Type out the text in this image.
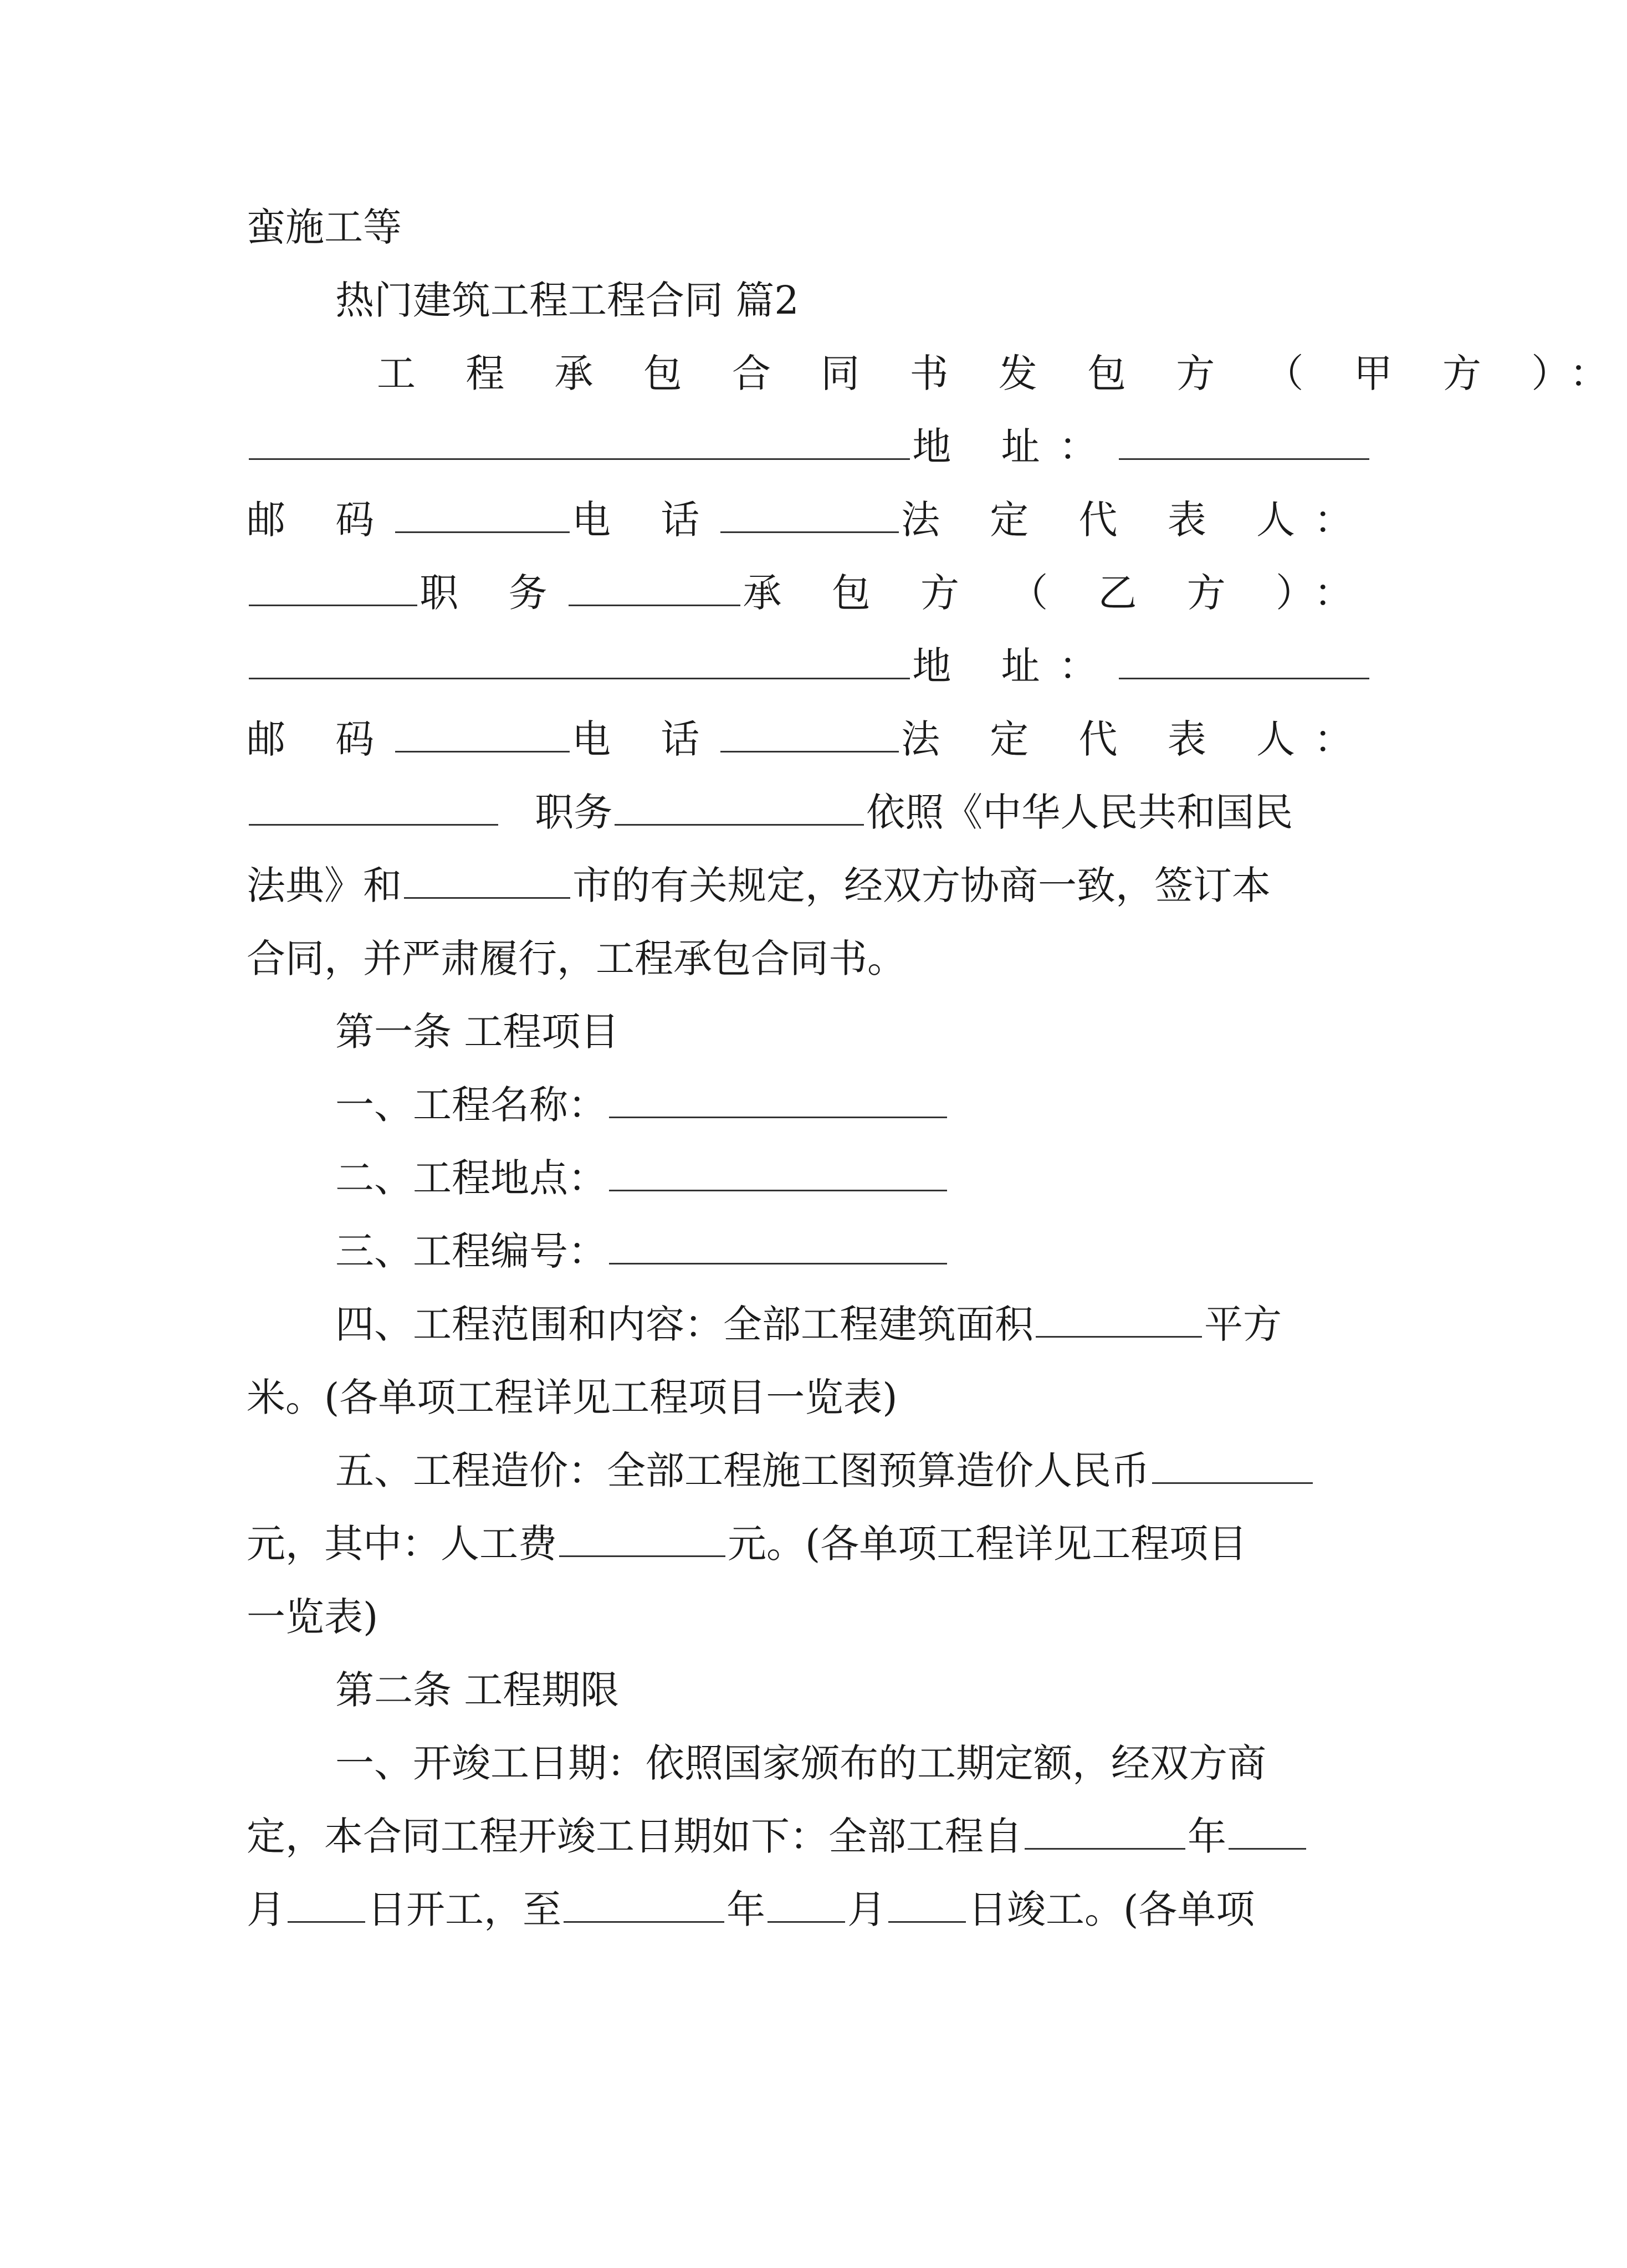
蛮施工等
热门建筑工程工程合同 篇2
工 程 承 包 合 同 书 发 包 方 （ 甲 方 ）：
地 址：
邮 码	电 话	法 定 代 表 人：
职 务	承 包 方 （ 乙 方 ）：
地 址：
邮 码	电 话	法 定 代 表 人：
职务	依照《中华人民共和国民
法典》和	市的有关规定，经双方协商一致，签订本
合同，并严肃履行，工程承包合同书。
第一条 工程项目
一、工程名称：
二、工程地点：
三、工程编号：
四、工程范围和内容：全部工程建筑面积	平方
米。(各单项工程详见工程项目一览表)
五、工程造价：全部工程施工图预算造价人民币
元，其中：人工费	元。(各单项工程详见工程项目
一览表)
第二条 工程期限
一、开竣工日期：依照国家颁布的工期定额，经双方商
定，本合同工程开竣工日期如下：全部工程自	年
月 日开工，至	年 月 日竣工。(各单项
